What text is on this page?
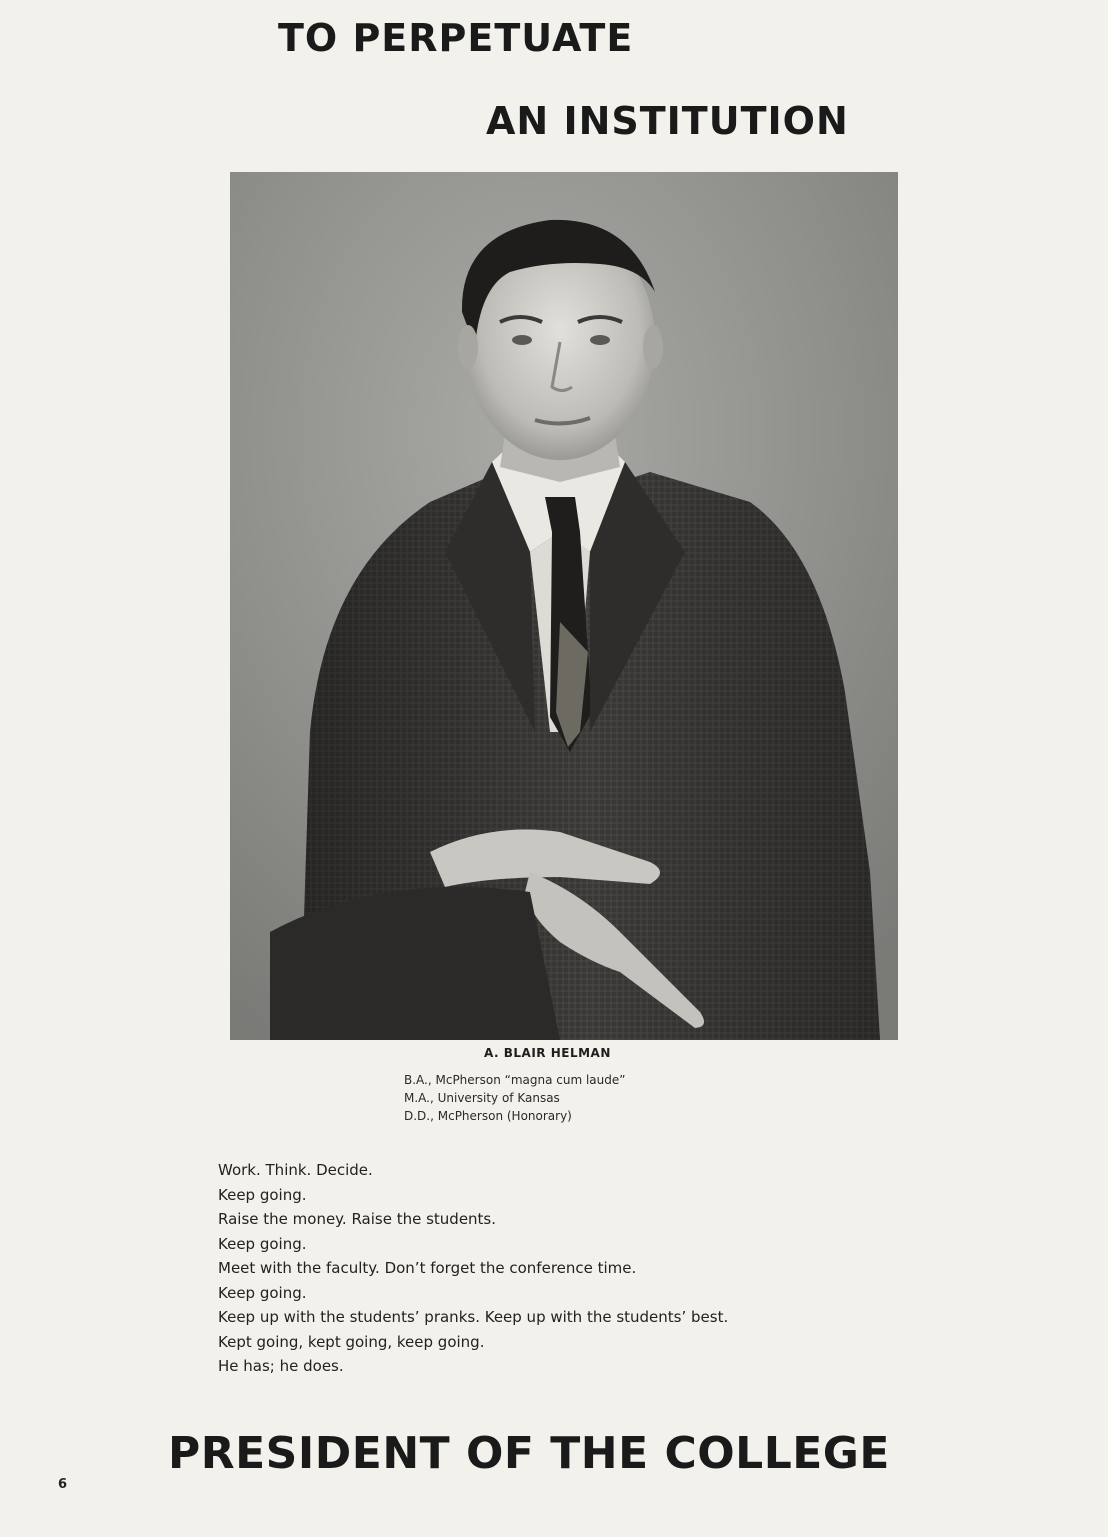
TO PERPETUATE
AN INSTITUTION
A. BLAIR HELMAN
B.A., McPherson “magna cum laude”
M.A., University of Kansas
D.D., McPherson (Honorary)
Work. Think. Decide.
Keep going.
Raise the money. Raise the students.
Keep going.
Meet with the faculty. Don’t forget the conference time.
Keep going.
Keep up with the students’ pranks. Keep up with the students’ best.
Kept going, kept going, keep going.
He has; he does.
PRESIDENT OF THE COLLEGE
6
